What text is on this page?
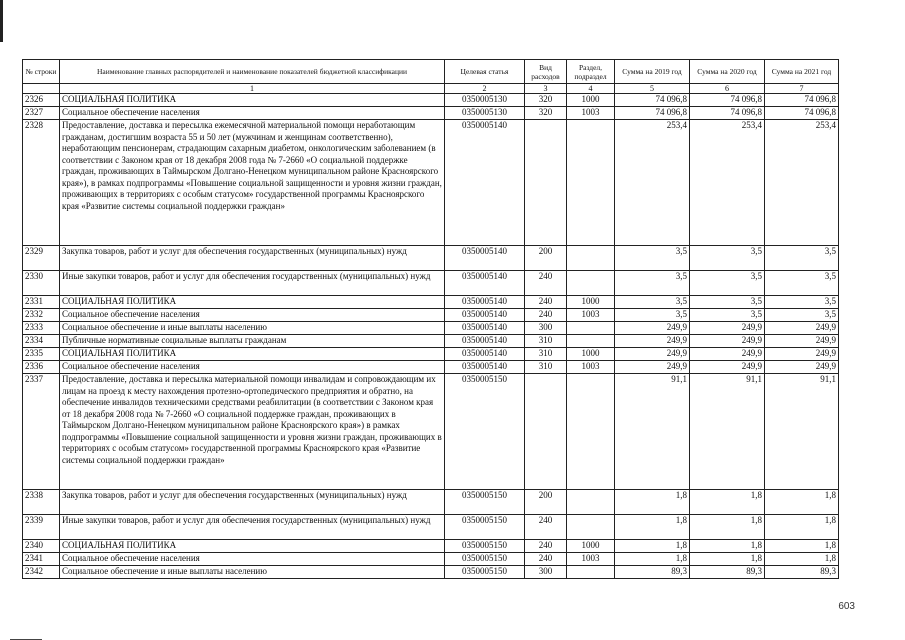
№ строки	Наименование главных распорядителей и наименование показателей бюджетной классификации	Целевая статья	Вид расходов	Раздел, подраздел	Сумма на 2019 год	Сумма на 2020 год	Сумма на 2021 год
	1	2	3	4	5	6	7
2326	СОЦИАЛЬНАЯ ПОЛИТИКА	0350005130	320	1000	74 096,8	74 096,8	74 096,8
2327	Социальное обеспечение населения	0350005130	320	1003	74 096,8	74 096,8	74 096,8
2328	Предоставление, доставка и пересылка ежемесячной материальной помощи неработающим гражданам, достигшим возраста 55 и 50 лет (мужчинам и женщинам соответственно), неработающим пенсионерам, страдающим сахарным диабетом, онкологическим заболеванием (в соответствии с Законом края от 18 декабря 2008 года № 7-2660 «О социальной поддержке граждан, проживающих в Таймырском Долгано-Ненецком муниципальном районе Красноярского края»), в рамках подпрограммы «Повышение социальной защищенности и уровня жизни граждан, проживающих в территориях с особым статусом» государственной программы Красноярского края «Развитие системы социальной поддержки граждан»	0350005140			253,4	253,4	253,4
2329	Закупка товаров, работ и услуг для обеспечения государственных (муниципальных) нужд	0350005140	200		3,5	3,5	3,5
2330	Иные закупки товаров, работ и услуг для обеспечения государственных (муниципальных) нужд	0350005140	240		3,5	3,5	3,5
2331	СОЦИАЛЬНАЯ ПОЛИТИКА	0350005140	240	1000	3,5	3,5	3,5
2332	Социальное обеспечение населения	0350005140	240	1003	3,5	3,5	3,5
2333	Социальное обеспечение и иные выплаты населению	0350005140	300		249,9	249,9	249,9
2334	Публичные нормативные социальные выплаты гражданам	0350005140	310		249,9	249,9	249,9
2335	СОЦИАЛЬНАЯ ПОЛИТИКА	0350005140	310	1000	249,9	249,9	249,9
2336	Социальное обеспечение населения	0350005140	310	1003	249,9	249,9	249,9
2337	Предоставление, доставка и пересылка материальной помощи инвалидам и сопровождающим их лицам на проезд к месту нахождения протезно-ортопедического предприятия и обратно, на обеспечение инвалидов техническими средствами реабилитации (в соответствии с Законом края от 18 декабря 2008 года № 7-2660 «О социальной поддержке граждан, проживающих в Таймырском Долгано-Ненецком муниципальном районе Красноярского края») в рамках подпрограммы «Повышение социальной защищенности и уровня жизни граждан, проживающих в территориях с особым статусом» государственной программы Красноярского края «Развитие системы социальной поддержки граждан»	0350005150			91,1	91,1	91,1
2338	Закупка товаров, работ и услуг для обеспечения государственных (муниципальных) нужд	0350005150	200		1,8	1,8	1,8
2339	Иные закупки товаров, работ и услуг для обеспечения государственных (муниципальных) нужд	0350005150	240		1,8	1,8	1,8
2340	СОЦИАЛЬНАЯ ПОЛИТИКА	0350005150	240	1000	1,8	1,8	1,8
2341	Социальное обеспечение населения	0350005150	240	1003	1,8	1,8	1,8
2342	Социальное обеспечение и иные выплаты населению	0350005150	300		89,3	89,3	89,3
603
